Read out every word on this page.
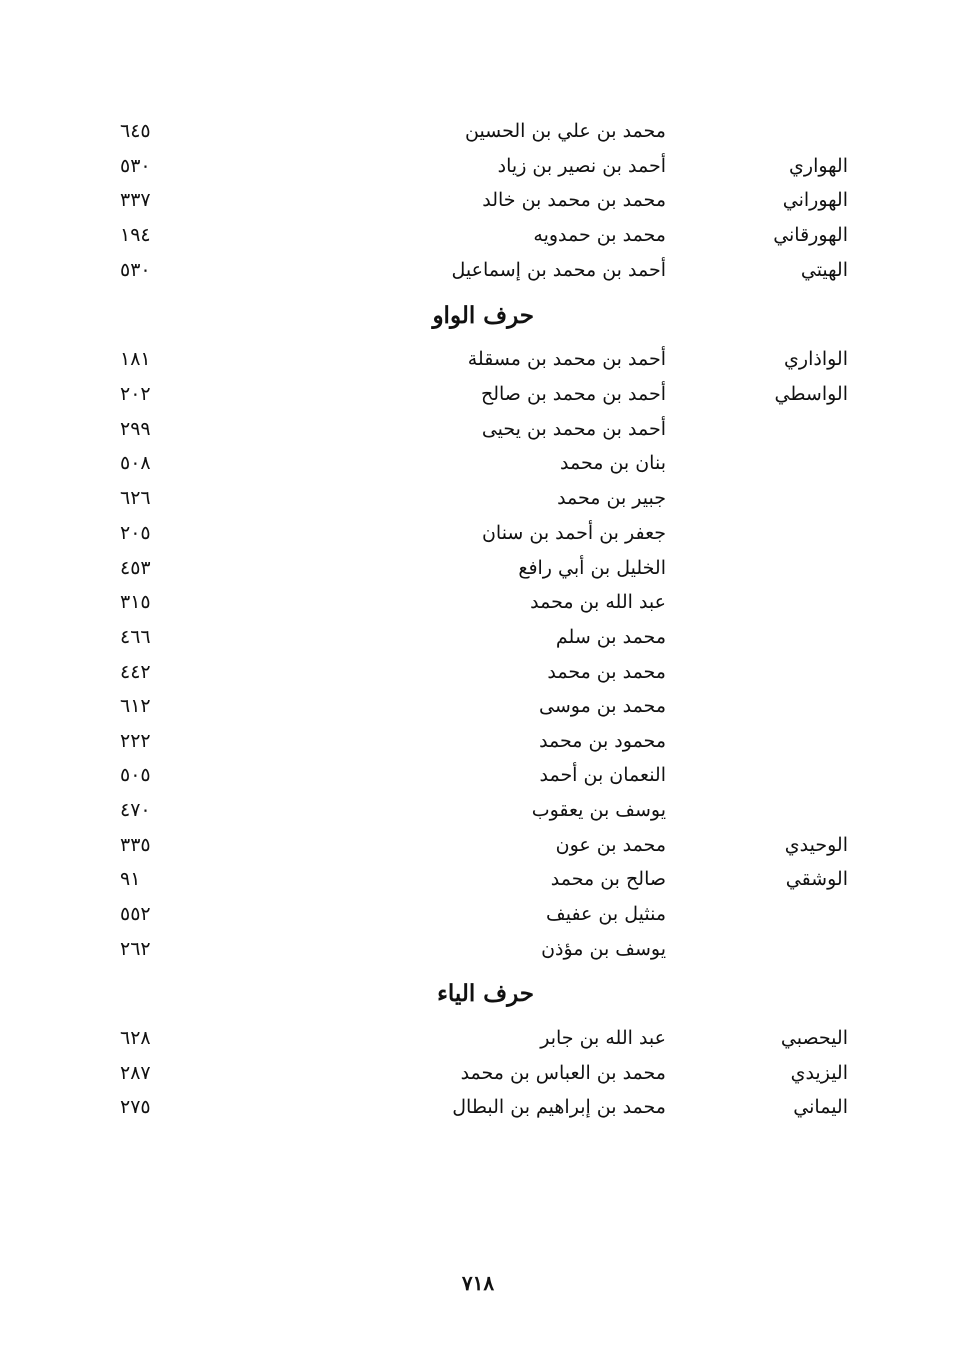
٦٤٥	محمد بن علي بن الحسين
٥٣٠	أحمد بن نصير بن زياد	الهواري
٣٣٧	محمد بن محمد بن خالد	الهوراني
١٩٤	محمد بن حمدويه	الهورقاني
٥٣٠	أحمد بن محمد بن إسماعيل	الهيتي
حرف الواو
١٨١	أحمد بن محمد بن مسقلة	الواذاري
٢٠٢	أحمد بن محمد بن صالح	الواسطي
٢٩٩	أحمد بن محمد بن يحيى
٥٠٨	بنان بن محمد
٦٢٦	جبير بن محمد
٢٠٥	جعفر بن أحمد بن سنان
٤٥٣	الخليل بن أبي رافع
٣١٥	عبد الله بن محمد
٤٦٦	محمد بن سلم
٤٤٢	محمد بن محمد
٦١٢	محمد بن موسى
٢٢٢	محمود بن محمد
٥٠٥	النعمان بن أحمد
٤٧٠	يوسف بن يعقوب
٣٣٥	محمد بن عون	الوحيدي
٩١	صالح بن محمد	الوشقي
٥٥٢	منثيل بن عفيف
٢٦٢	يوسف بن مؤذن
حرف الياء
٦٢٨	عبد الله بن جابر	اليحصبي
٢٨٧	محمد بن العباس بن محمد	اليزيدي
٢٧٥	محمد بن إبراهيم بن البطال	اليماني
٧١٨
